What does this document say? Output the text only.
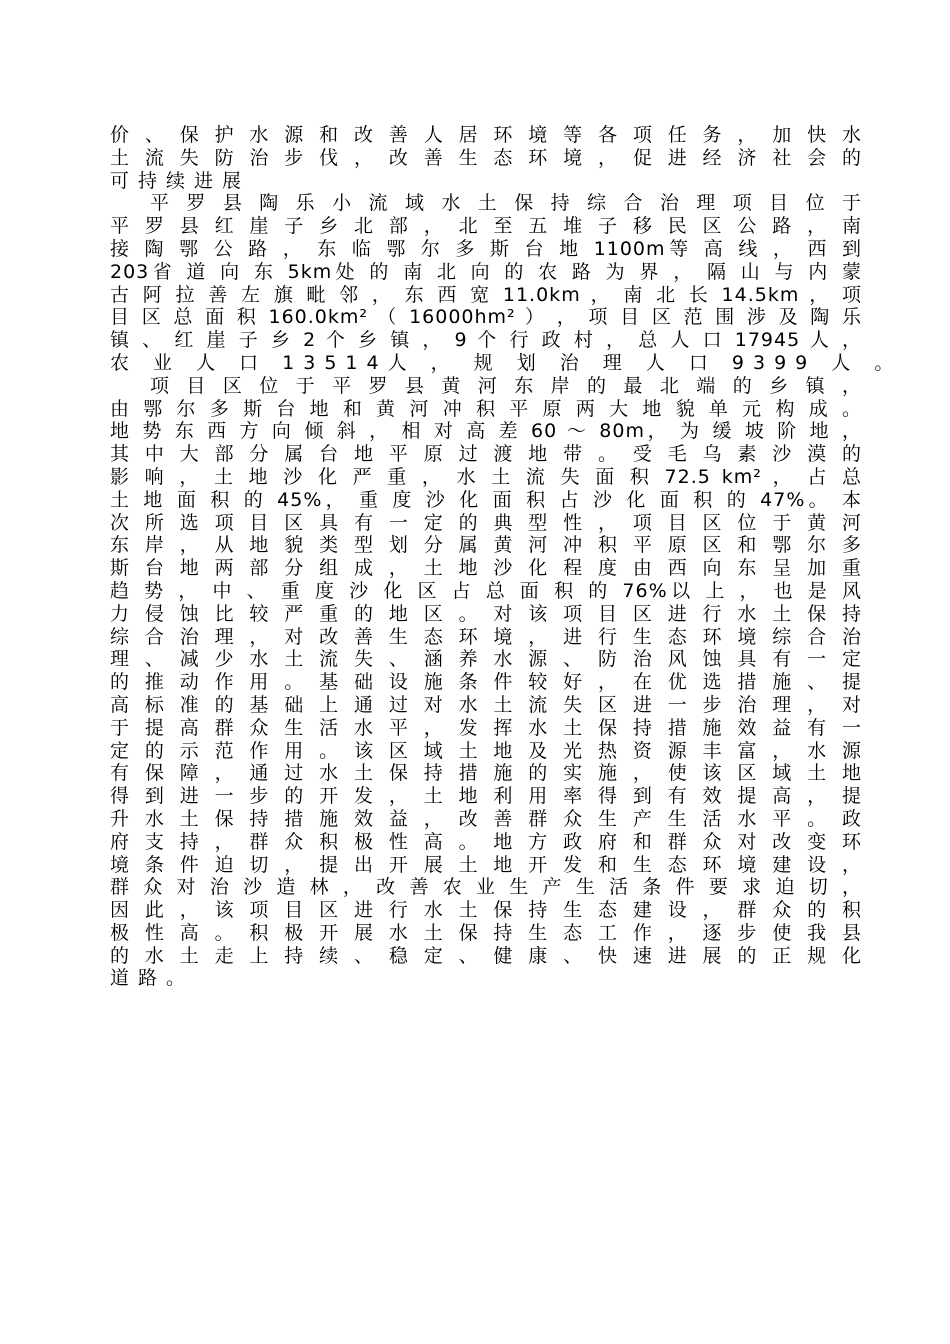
价 、 保 护 水 源 和 改 善 人 居 环 境 等 各 项 任 务 ， 加 快 水
土 流 失 防 治 步 伐 ， 改 善 生 态 环 境 ， 促 进 经 济 社 会 的
可持续进展
平 罗 县 陶 乐 小 流 域 水 土 保 持 综 合 治 理 项 目 位 于
平 罗 县 红 崖 子 乡 北 部 ， 北 至 五 堆 子 移 民 区 公 路 ， 南
接 陶 鄂 公 路 ， 东 临 鄂 尔 多 斯 台 地 1100m等 高 线 ， 西 到
203省 道 向 东 5km处 的 南 北 向 的 农 路 为 界 ， 隔 山 与 内 蒙
古 阿 拉 善 左 旗 毗 邻 ， 东 西 宽 11.0km ， 南 北 长 14.5km ， 项
目 区 总 面 积 160.0km² （ 16000hm² ） ， 项 目 区 范 围 涉 及 陶 乐
镇 、 红 崖 子 乡 2 个 乡 镇 ， 9 个 行 政 村 ， 总 人 口 17945 人 ，
农 业 人 口 13514人 ， 规 划 治 理 人 口 9399 人 。
项 目 区 位 于 平 罗 县 黄 河 东 岸 的 最 北 端 的 乡 镇 ，
由 鄂 尔 多 斯 台 地 和 黄 河 冲 积 平 原 两 大 地 貌 单 元 构 成 。
地 势 东 西 方 向 倾 斜 ， 相 对 高 差 60 ～ 80m， 为 缓 坡 阶 地 ，
其 中 大 部 分 属 台 地 平 原 过 渡 地 带 。 受 毛 乌 素 沙 漠 的
影 响 ， 土 地 沙 化 严 重 ， 水 土 流 失 面 积 72.5 km² ， 占 总
土 地 面 积 的 45%， 重 度 沙 化 面 积 占 沙 化 面 积 的 47%。 本
次 所 选 项 目 区 具 有 一 定 的 典 型 性 ， 项 目 区 位 于 黄 河
东 岸 ， 从 地 貌 类 型 划 分 属 黄 河 冲 积 平 原 区 和 鄂 尔 多
斯 台 地 两 部 分 组 成 ， 土 地 沙 化 程 度 由 西 向 东 呈 加 重
趋 势 ， 中 、 重 度 沙 化 区 占 总 面 积 的 76%以 上 ， 也 是 风
力 侵 蚀 比 较 严 重 的 地 区 。 对 该 项 目 区 进 行 水 土 保 持
综 合 治 理 ， 对 改 善 生 态 环 境 ， 进 行 生 态 环 境 综 合 治
理 、 减 少 水 土 流 失 、 涵 养 水 源 、 防 治 风 蚀 具 有 一 定
的 推 动 作 用 。 基 础 设 施 条 件 较 好 ， 在 优 选 措 施 、 提
高 标 准 的 基 础 上 通 过 对 水 土 流 失 区 进 一 步 治 理 ， 对
于 提 高 群 众 生 活 水 平 ， 发 挥 水 土 保 持 措 施 效 益 有 一
定 的 示 范 作 用 。 该 区 域 土 地 及 光 热 资 源 丰 富 ， 水 源
有 保 障 ， 通 过 水 土 保 持 措 施 的 实 施 ， 使 该 区 域 土 地
得 到 进 一 步 的 开 发 ， 土 地 利 用 率 得 到 有 效 提 高 ， 提
升 水 土 保 持 措 施 效 益 ， 改 善 群 众 生 产 生 活 水 平 。 政
府 支 持 ， 群 众 积 极 性 高 。 地 方 政 府 和 群 众 对 改 变 环
境 条 件 迫 切 ， 提 出 开 展 土 地 开 发 和 生 态 环 境 建 设 ，
群 众 对 治 沙 造 林 ， 改 善 农 业 生 产 生 活 条 件 要 求 迫 切 ，
因 此 ， 该 项 目 区 进 行 水 土 保 持 生 态 建 设 ， 群 众 的 积
极 性 高 。 积 极 开 展 水 土 保 持 生 态 工 作 ， 逐 步 使 我 县
的 水 土 走 上 持 续 、 稳 定 、 健 康 、 快 速 进 展 的 正 规 化
道路。
